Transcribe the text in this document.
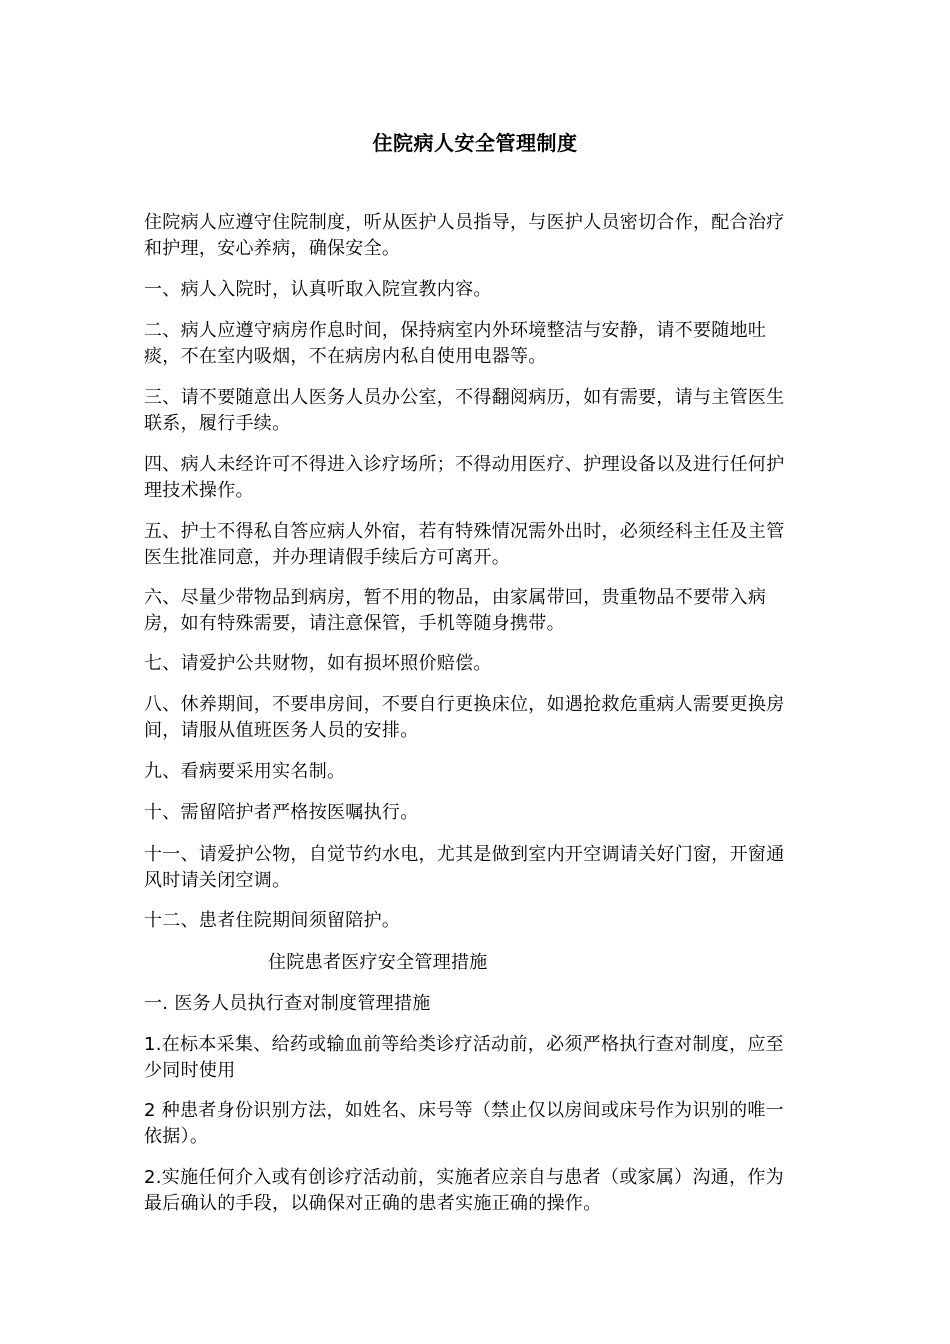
住院病人安全管理制度

住院病人应遵守住院制度，听从医护人员指导，与医护人员密切合作，配合治疗和护理，安心养病，确保安全。

一、病人入院时，认真听取入院宣教内容。

二、病人应遵守病房作息时间，保持病室内外环境整洁与安静，请不要随地吐痰，不在室内吸烟，不在病房内私自使用电器等。

三、请不要随意出人医务人员办公室，不得翻阅病历，如有需要，请与主管医生联系，履行手续。

四、病人未经许可不得进入诊疗场所；不得动用医疗、护理设备以及进行任何护理技术操作。

五、护士不得私自答应病人外宿，若有特殊情况需外出时，必须经科主任及主管医生批准同意，并办理请假手续后方可离开。

六、尽量少带物品到病房，暂不用的物品，由家属带回，贵重物品不要带入病房，如有特殊需要，请注意保管，手机等随身携带。

七、请爱护公共财物，如有损坏照价赔偿。

八、休养期间，不要串房间，不要自行更换床位，如遇抢救危重病人需要更换房间，请服从值班医务人员的安排。

九、看病要采用实名制。

十、需留陪护者严格按医嘱执行。

十一、请爱护公物，自觉节约水电，尤其是做到室内开空调请关好门窗，开窗通风时请关闭空调。

十二、患者住院期间须留陪护。

住院患者医疗安全管理措施

一. 医务人员执行查对制度管理措施

1.在标本采集、给药或输血前等给类诊疗活动前，必须严格执行查对制度，应至少同时使用

2 种患者身份识别方法，如姓名、床号等（禁止仅以房间或床号作为识别的唯一依据）。

2.实施任何介入或有创诊疗活动前，实施者应亲自与患者（或家属）沟通，作为最后确认的手段，以确保对正确的患者实施正确的操作。
